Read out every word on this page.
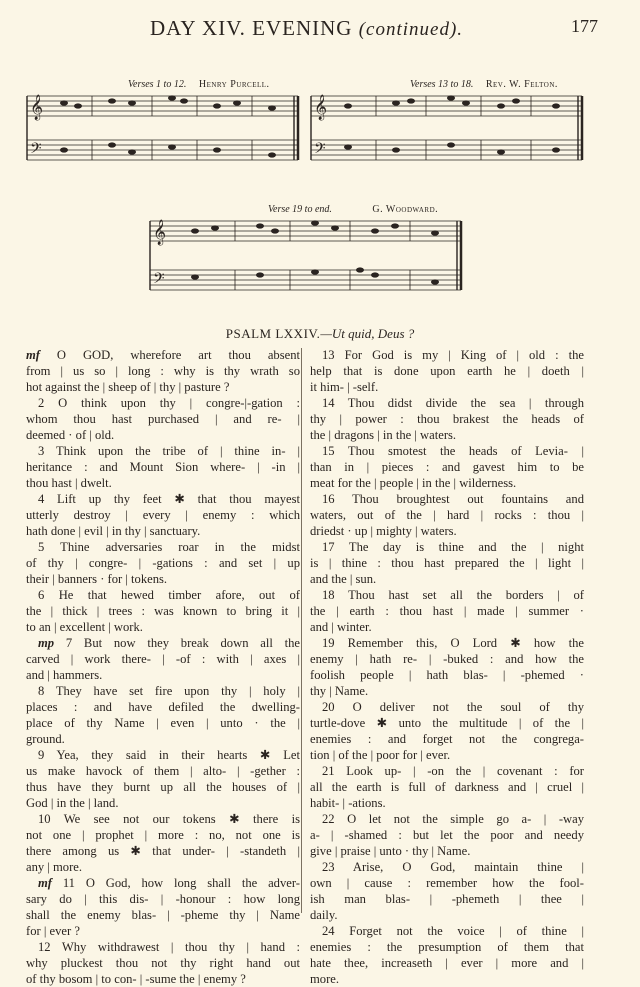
DAY XIV. EVENING (continued).	177
Verses 1 to 12. Henry Purcell.	Verses 13 to 18. Rev. W. Felton.
Verse 19 to end.	G. Woodward.
𝄞
𝄢
𝄞
𝄢
𝄞
𝄢
PSALM LXXIV.—Ut quid, Deus ?
mf O GOD, wherefore art thou absent
from | us so | long : why is thy wrath so
hot against the | sheep of | thy | pasture ?
2 O think upon thy | congre-|-gation :
whom thou hast purchased | and re- |
deemed · of | old.
3 Think upon the tribe of | thine in- |
heritance : and Mount Sion where- | -in |
thou hast | dwelt.
4 Lift up thy feet ✱ that thou mayest
utterly destroy | every | enemy : which
hath done | evil | in thy | sanctuary.
5 Thine adversaries roar in the midst
of thy | congre- | -gations : and set | up
their | banners · for | tokens.
6 He that hewed timber afore, out of
the | thick | trees : was known to bring it |
to an | excellent | work.
mp 7 But now they break down all the
carved | work there- | -of : with | axes |
and | hammers.
8 They have set fire upon thy | holy |
places : and have defiled the dwelling-
place of thy Name | even | unto · the |
ground.
9 Yea, they said in their hearts ✱ Let
us make havock of them | alto- | -gether :
thus have they burnt up all the houses of |
God | in the | land.
10 We see not our tokens ✱ there is
not one | prophet | more : no, not one is
there among us ✱ that under- | -standeth |
any | more.
mf 11 O God, how long shall the adver-
sary do | this dis- | -honour : how long
shall the enemy blas- | -pheme thy | Name
for | ever ?
12 Why withdrawest | thou thy | hand :
why pluckest thou not thy right hand out
of thy bosom | to con- | -sume the | enemy ?
13 For God is my | King of | old : the
help that is done upon earth he | doeth |
it him- | -self.
14 Thou didst divide the sea | through
thy | power : thou brakest the heads of
the | dragons | in the | waters.
15 Thou smotest the heads of Levia- |
than in | pieces : and gavest him to be
meat for the | people | in the | wilderness.
16 Thou broughtest out fountains and
waters, out of the | hard | rocks : thou |
driedst · up | mighty | waters.
17 The day is thine and the | night
is | thine : thou hast prepared the | light |
and the | sun.
18 Thou hast set all the borders | of
the | earth : thou hast | made | summer ·
and | winter.
19 Remember this, O Lord ✱ how the
enemy | hath re- | -buked : and how the
foolish people | hath blas- | -phemed ·
thy | Name.
20 O deliver not the soul of thy
turtle-dove ✱ unto the multitude | of the |
enemies : and forget not the congrega-
tion | of the | poor for | ever.
21 Look up- | -on the | covenant : for
all the earth is full of darkness and | cruel |
habit- | -ations.
22 O let not the simple go a- | -way
a- | -shamed : but let the poor and needy
give | praise | unto · thy | Name.
23 Arise, O God, maintain thine |
own | cause : remember how the fool-
ish man blas- | -phemeth | thee |
daily.
24 Forget not the voice | of thine |
enemies : the presumption of them that
hate thee, increaseth | ever | more and |
more.
